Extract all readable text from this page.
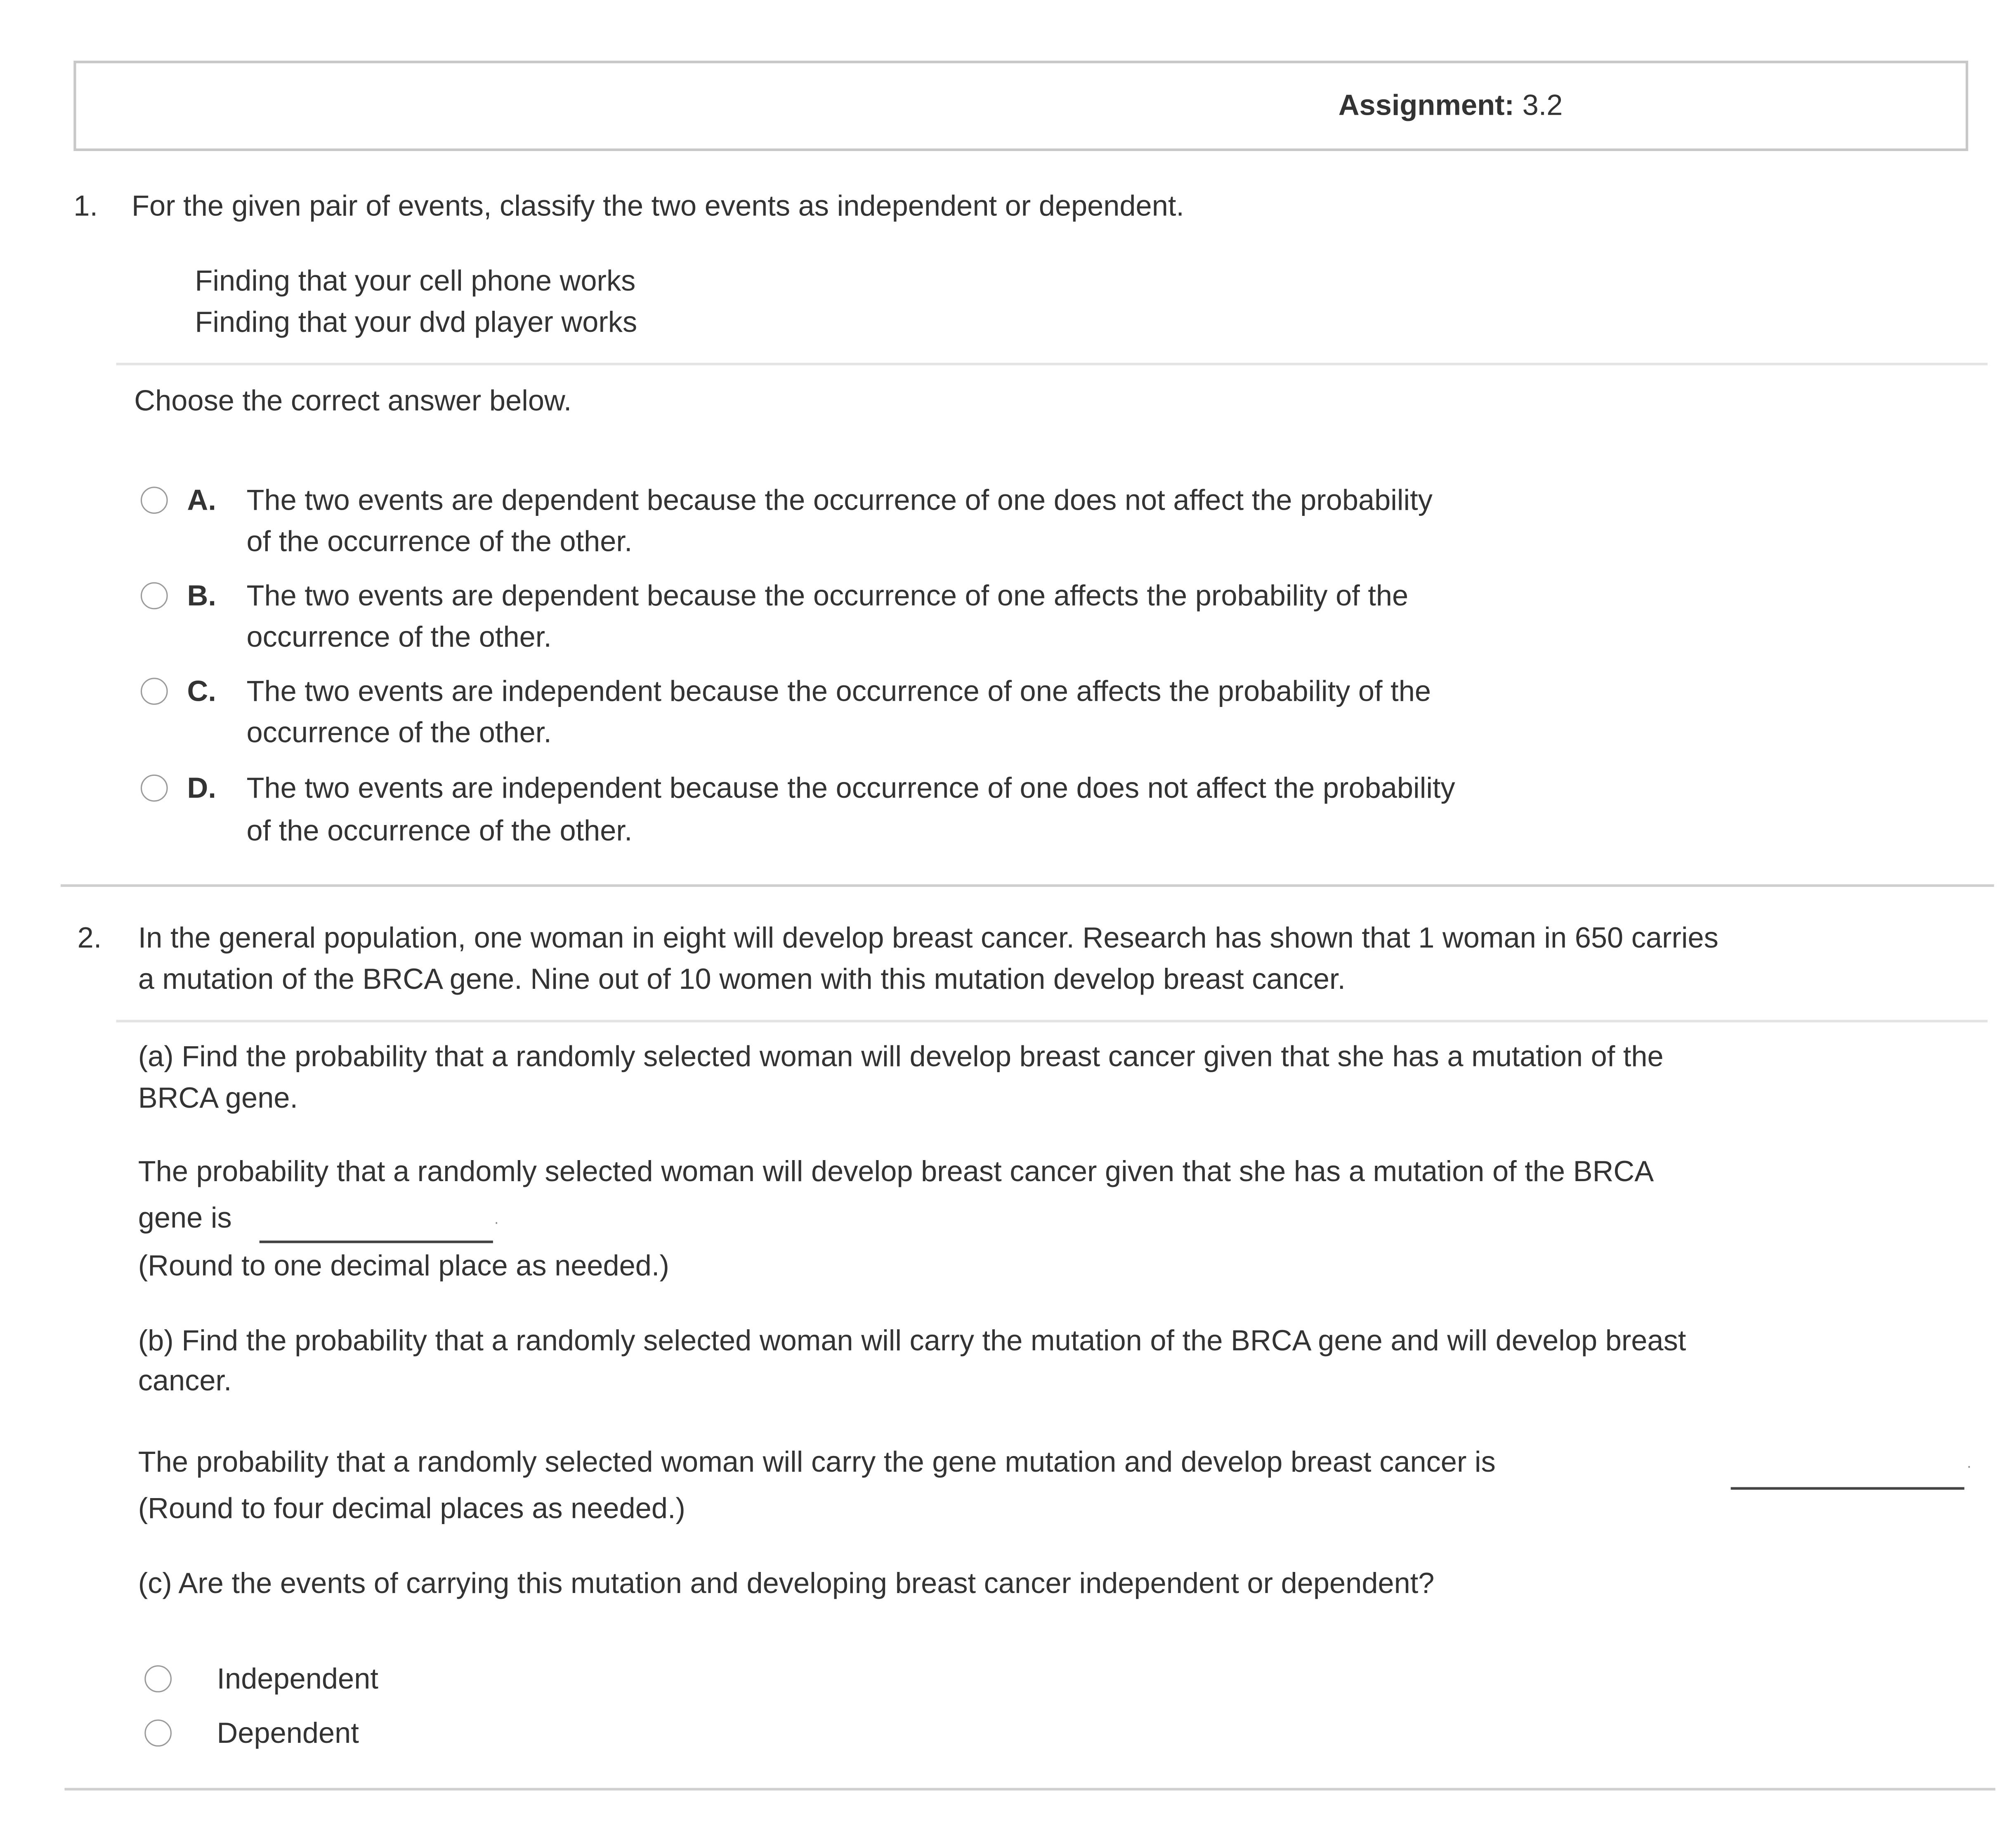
Assignment: 3.2
1.	For the given pair of events, classify the two events as independent or dependent.
Finding that your cell phone works
Finding that your dvd player works
Choose the correct answer below.
A.	The two events are dependent because the occurrence of one does not affect the probability
of the occurrence of the other.
B.	The two events are dependent because the occurrence of one affects the probability of the
occurrence of the other.
C.	The two events are independent because the occurrence of one affects the probability of the
occurrence of the other.
D.	The two events are independent because the occurrence of one does not affect the probability
of the occurrence of the other.
2.	In the general population, one woman in eight will develop breast cancer. Research has shown that 1 woman in 650 carries
a mutation of the BRCA gene. Nine out of 10 women with this mutation develop breast cancer.
(a) Find the probability that a randomly selected woman will develop breast cancer given that she has a mutation of the
BRCA gene.
The probability that a randomly selected woman will develop breast cancer given that she has a mutation of the BRCA
gene is	.
(Round to one decimal place as needed.)
(b) Find the probability that a randomly selected woman will carry the mutation of the BRCA gene and will develop breast
cancer.
The probability that a randomly selected woman will carry the gene mutation and develop breast cancer is	.
(Round to four decimal places as needed.)
(c) Are the events of carrying this mutation and developing breast cancer independent or dependent?
Independent
Dependent
